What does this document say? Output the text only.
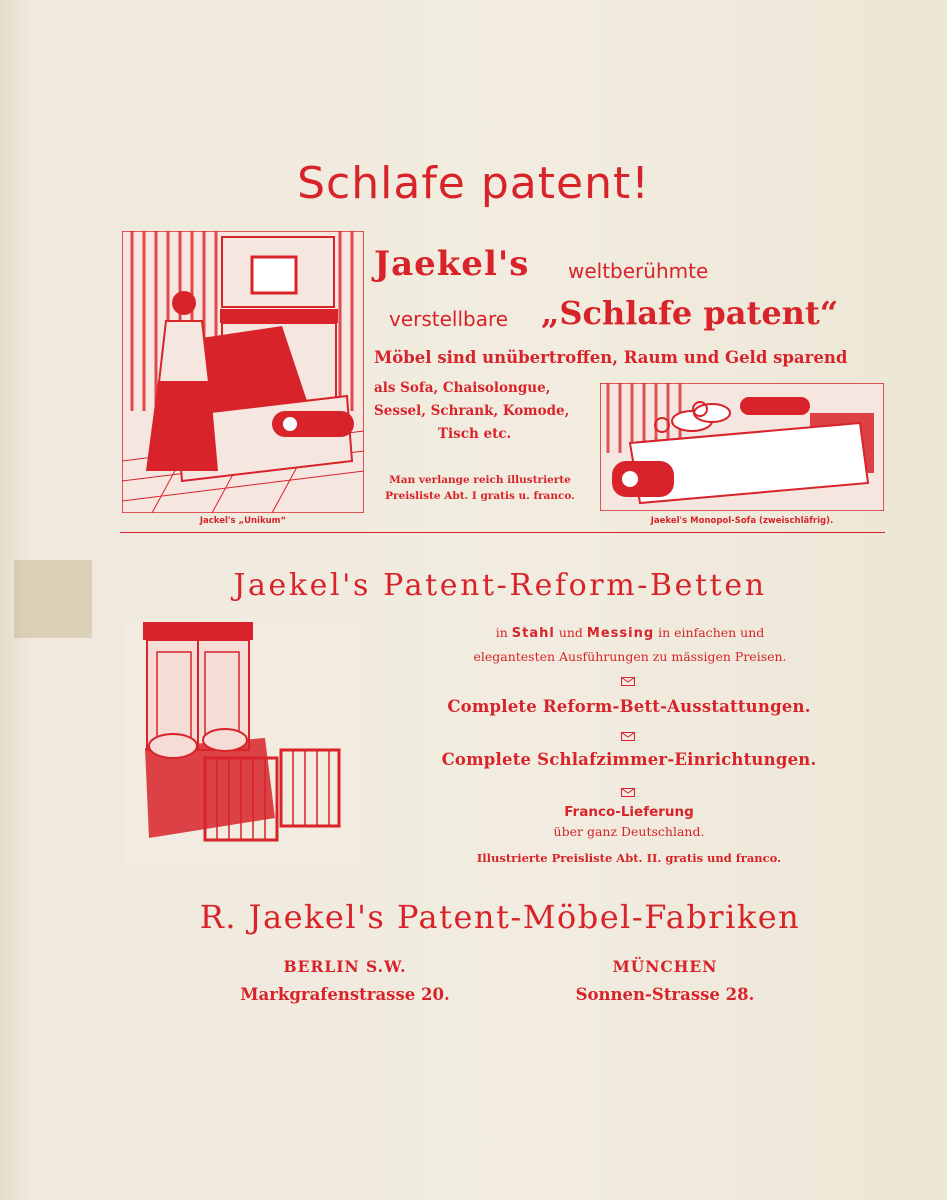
Schlafe patent!
Jaekel's weltberühmte
verstellbare „Schlafe patent“
Möbel sind unübertroffen, Raum und Geld sparend
als Sofa, Chaisolongue,
Sessel, Schrank, Komode,
Tisch etc.
Man verlange reich illustrierte
Preisliste Abt. I gratis u. franco.
Jackel's „Unikum“	Jaekel's Monopol-Sofa (zweischläfrig).
Jaekel's Patent-Reform-Betten
in Stahl und Messing in einfachen und
elegantesten Ausführungen zu mässigen Preisen.
Complete Reform-Bett-Ausstattungen.
Complete Schlafzimmer-Einrichtungen.
Franco-Lieferung
über ganz Deutschland.
Illustrierte Preisliste Abt. II. gratis und franco.
R. Jaekel's Patent-Möbel-Fabriken
BERLIN S.W.	MÜNCHEN
Markgrafenstrasse 20.	Sonnen-Strasse 28.
